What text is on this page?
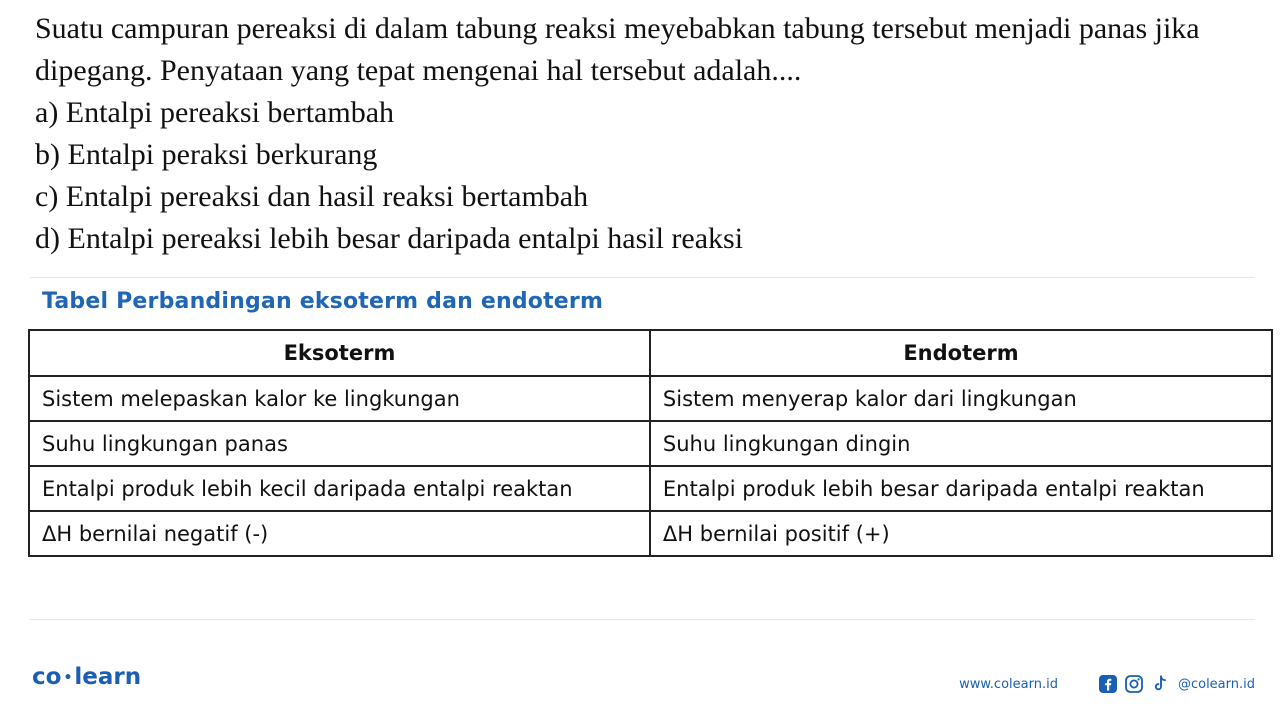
Suatu campuran pereaksi di dalam tabung reaksi meyebabkan tabung tersebut menjadi panas jika dipegang. Penyataan yang tepat mengenai hal tersebut adalah....

a) Entalpi pereaksi bertambah

b) Entalpi peraksi berkurang

c) Entalpi pereaksi dan hasil reaksi bertambah

d) Entalpi pereaksi lebih besar daripada entalpi hasil reaksi

Tabel Perbandingan eksoterm dan endoterm
Eksoterm	Endoterm
Sistem melepaskan kalor ke lingkungan	Sistem menyerap kalor dari lingkungan
Suhu lingkungan panas	Suhu lingkungan dingin
Entalpi produk lebih kecil daripada entalpi reaktan	Entalpi produk lebih besar daripada entalpi reaktan
ΔH bernilai negatif (-)	ΔH bernilai positif (+)
co •learn	www.colearn.id	@colearn.id
